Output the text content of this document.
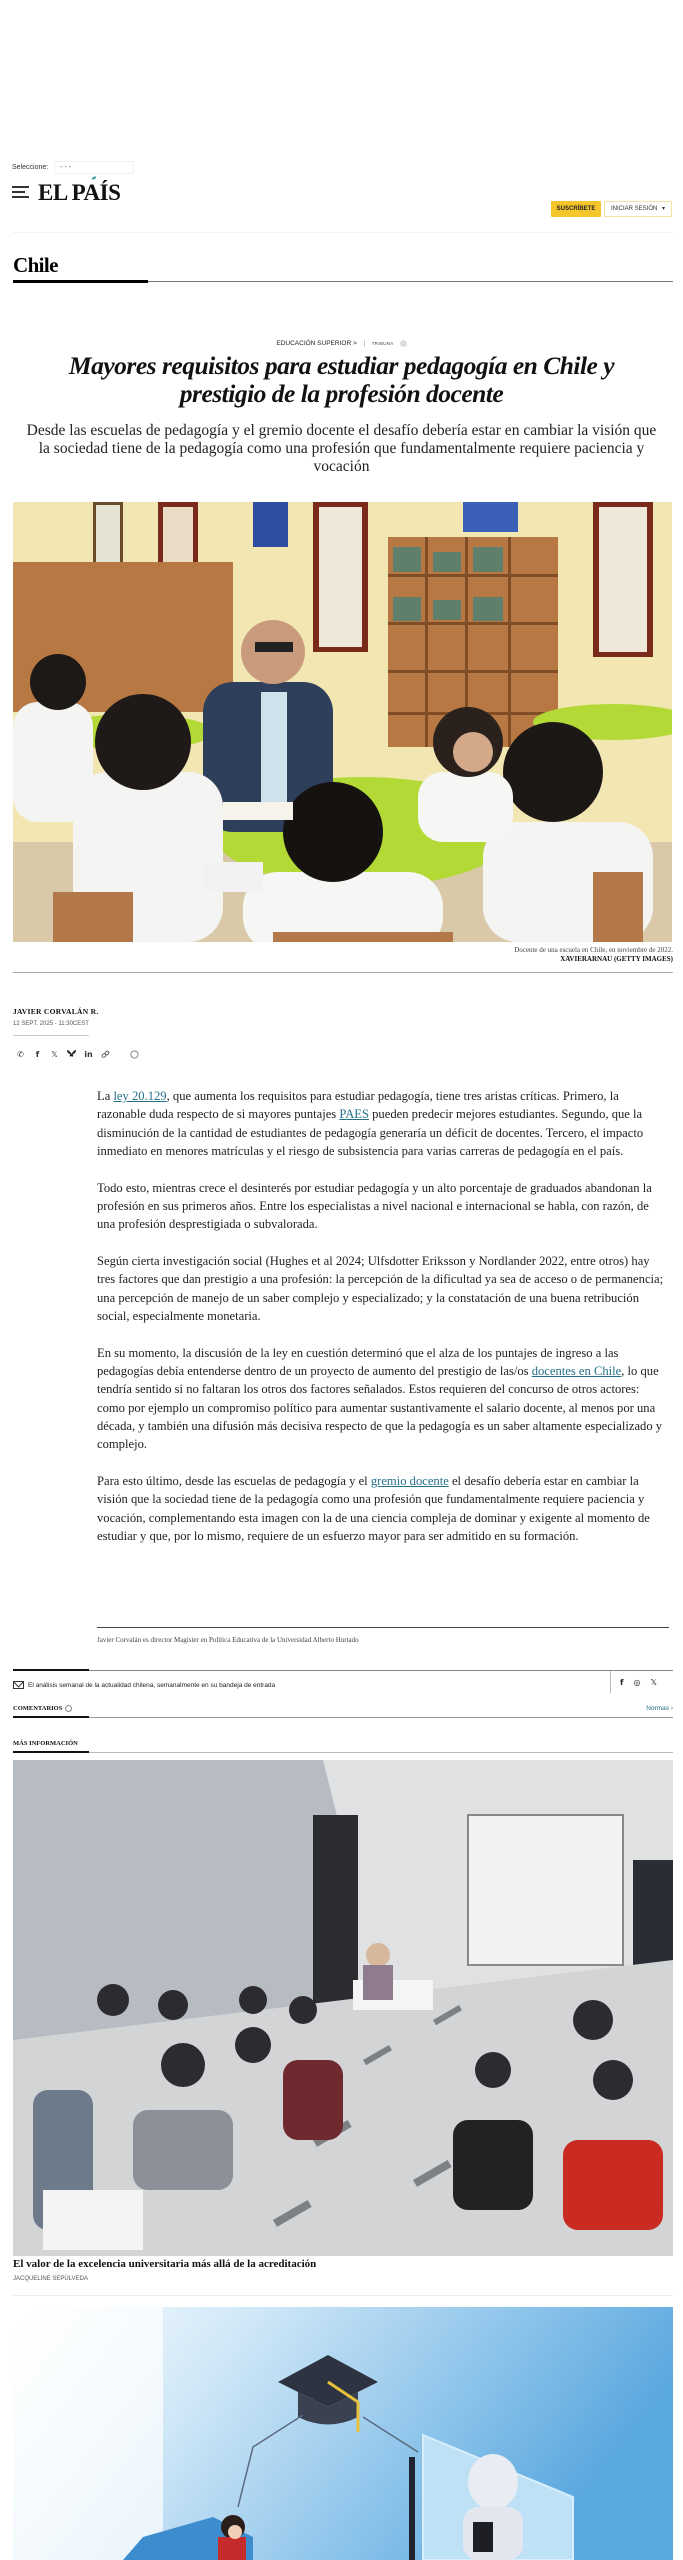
Seleccione:	- - -
EL PAÍS
SUSCRÍBETE	INICIAR SESIÓN ▾
Chile
EDUCACIÓN SUPERIOR >	TRIBUNA
Mayores requisitos para estudiar pedagogía en Chile y prestigio de la profesión docente
Desde las escuelas de pedagogía y el gremio docente el desafío debería estar en cambiar la visión que la sociedad tiene de la pedagogía como una profesión que fundamentalmente requiere paciencia y vocación
Docente de una escuela en Chile, en noviembre de 2022.
XAVIERARNAU (GETTY IMAGES)
JAVIER CORVALÁN R.
12 SEPT. 2025 - 11:30CEST
✆	f	𝕏	in

La ley 20.129, que aumenta los requisitos para estudiar pedagogía, tiene tres aristas críticas. Primero, la razonable duda respecto de si mayores puntajes PAES pueden predecir mejores estudiantes. Segundo, que la disminución de la cantidad de estudiantes de pedagogía generaría un déficit de docentes. Tercero, el impacto inmediato en menores matrículas y el riesgo de subsistencia para varias carreras de pedagogía en el país.

Todo esto, mientras crece el desinterés por estudiar pedagogía y un alto porcentaje de graduados abandonan la profesión en sus primeros años. Entre los especialistas a nivel nacional e internacional se habla, con razón, de una profesión desprestigiada o subvalorada.

Según cierta investigación social (Hughes et al 2024; Ulfsdotter Eriksson y Nordlander 2022, entre otros) hay tres factores que dan prestigio a una profesión: la percepción de la dificultad ya sea de acceso o de permanencia; una percepción de manejo de un saber complejo y especializado; y la constatación de una buena retribución social, especialmente monetaria.

En su momento, la discusión de la ley en cuestión determinó que el alza de los puntajes de ingreso a las pedagogías debía entenderse dentro de un proyecto de aumento del prestigio de las/os docentes en Chile, lo que tendría sentido si no faltaran los otros dos factores señalados. Estos requieren del concurso de otros actores: como por ejemplo un compromiso político para aumentar sustantivamente el salario docente, al menos por una década, y también una difusión más decisiva respecto de que la pedagogía es un saber altamente especializado y complejo.

Para esto último, desde las escuelas de pedagogía y el gremio docente el desafío debería estar en cambiar la visión que la sociedad tiene de la pedagogía como una profesión que fundamentalmente requiere paciencia y vocación, complementando esta imagen con la de una ciencia compleja de dominar y exigente al momento de estudiar y que, por lo mismo, requiere de un esfuerzo mayor para ser admitido en su formación.

Javier Corvalán es director Magíster en Política Educativa de la Universidad Alberto Hurtado
El análisis semanal de la actualidad chilena, semanalmente en su bandeja de entrada	f ◎ 𝕏
COMENTARIOS	Normas ›
MÁS INFORMACIÓN
El valor de la excelencia universitaria más allá de la acreditación
JACQUELINE SEPÚLVEDA
